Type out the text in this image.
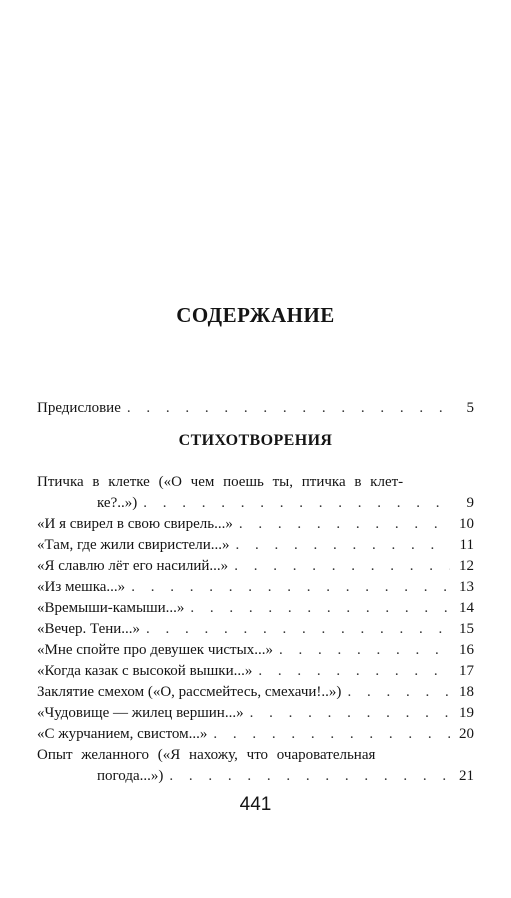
СОДЕРЖАНИЕ
Предисловие . . .	5
СТИХОТВОРЕНИЯ
Птичка в клетке («О чем поешь ты, птичка в клет-
ке?..») . . .	9
«И я свирел в свою свирель...» . . .	10
«Там, где жили свиристели...» . . .	11
«Я славлю лёт его насилий...» . . .	12
«Из мешка...» . . .	13
«Времыши-камыши...» . . .	14
«Вечер. Тени...» . . .	15
«Мне спойте про девушек чистых...» . . .	16
«Когда казак с высокой вышки...» . . .	17
Заклятие смехом («О, рассмейтесь, смехачи!..») . . .	18
«Чудовище — жилец вершин...» . . .	19
«С журчанием, свистом...» . . .	20
Опыт желанного («Я нахожу, что очаровательная
погода...») . . .	21
441
